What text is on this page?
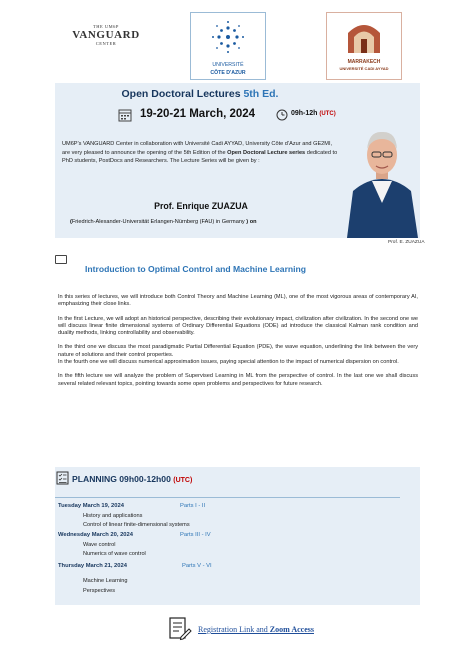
THE UM6P
VANGUARD
CENTER
UNIVERSITÉ
CÔTE D'AZUR
MARRAKECH
UNIVERSITÉ CADI AYYAD
Open Doctoral Lectures 5th Ed.
19-20-21 March, 2024	09h-12h (UTC)
UM6P’s VANGUARD Center in collaboration with Université Cadi AYYAD, University Côte d’Azur and GE2MI, are very pleased to announce the opening of the 5th Edition of the Open Doctoral Lecture series dedicated to PhD students, PostDocs and Researchers. The Lecture Series will be given by :
Prof. Enrique ZUAZUA
(Friedrich-Alexander-Universität Erlangen-Nürnberg (FAU) in Germany ) on
Prof. E. ZUAZUA
Introduction to Optimal Control and Machine Learning

In this series of lectures, we will introduce both Control Theory and Machine Learning (ML), one of the most vigorous areas of contemporary AI, emphasizing their close links.

In the first Lecture, we will adopt an historical perspective, describing their evolutionary impact, civilization after civilization. In the second one we will discuss linear finite dimensional systems of Ordinary Differential Equations (ODE) ad introduce the classical Kalman rank condition and duality methods, linking controllability and observability.

In the third one we discuss the most paradigmatic Partial Differential Equation (PDE), the wave equation, underlining the link between the very nature of solutions and their control properties.

In the fourth one we will discuss numerical approximation issues, paying special attention to the impact of numerical dispersion on control.

In the fifth lecture we will analyze the problem of Supervised Learning in ML from the perspective of control. In the last one we shall discuss several related relevant topics, pointing towards some open problems and perspectives for future research.

PLANNING 09h00-12h00 (UTC)
Tuesday March 19, 2024	Parts I - II
History and applications
Control of linear finite-dimensional systems
Wednesday March 20, 2024	Parts III - IV
Wave control
Numerics of wave control
Thursday March 21, 2024	Parts V - VI
Machine Learning
Perspectives
Registration Link and Zoom Access
